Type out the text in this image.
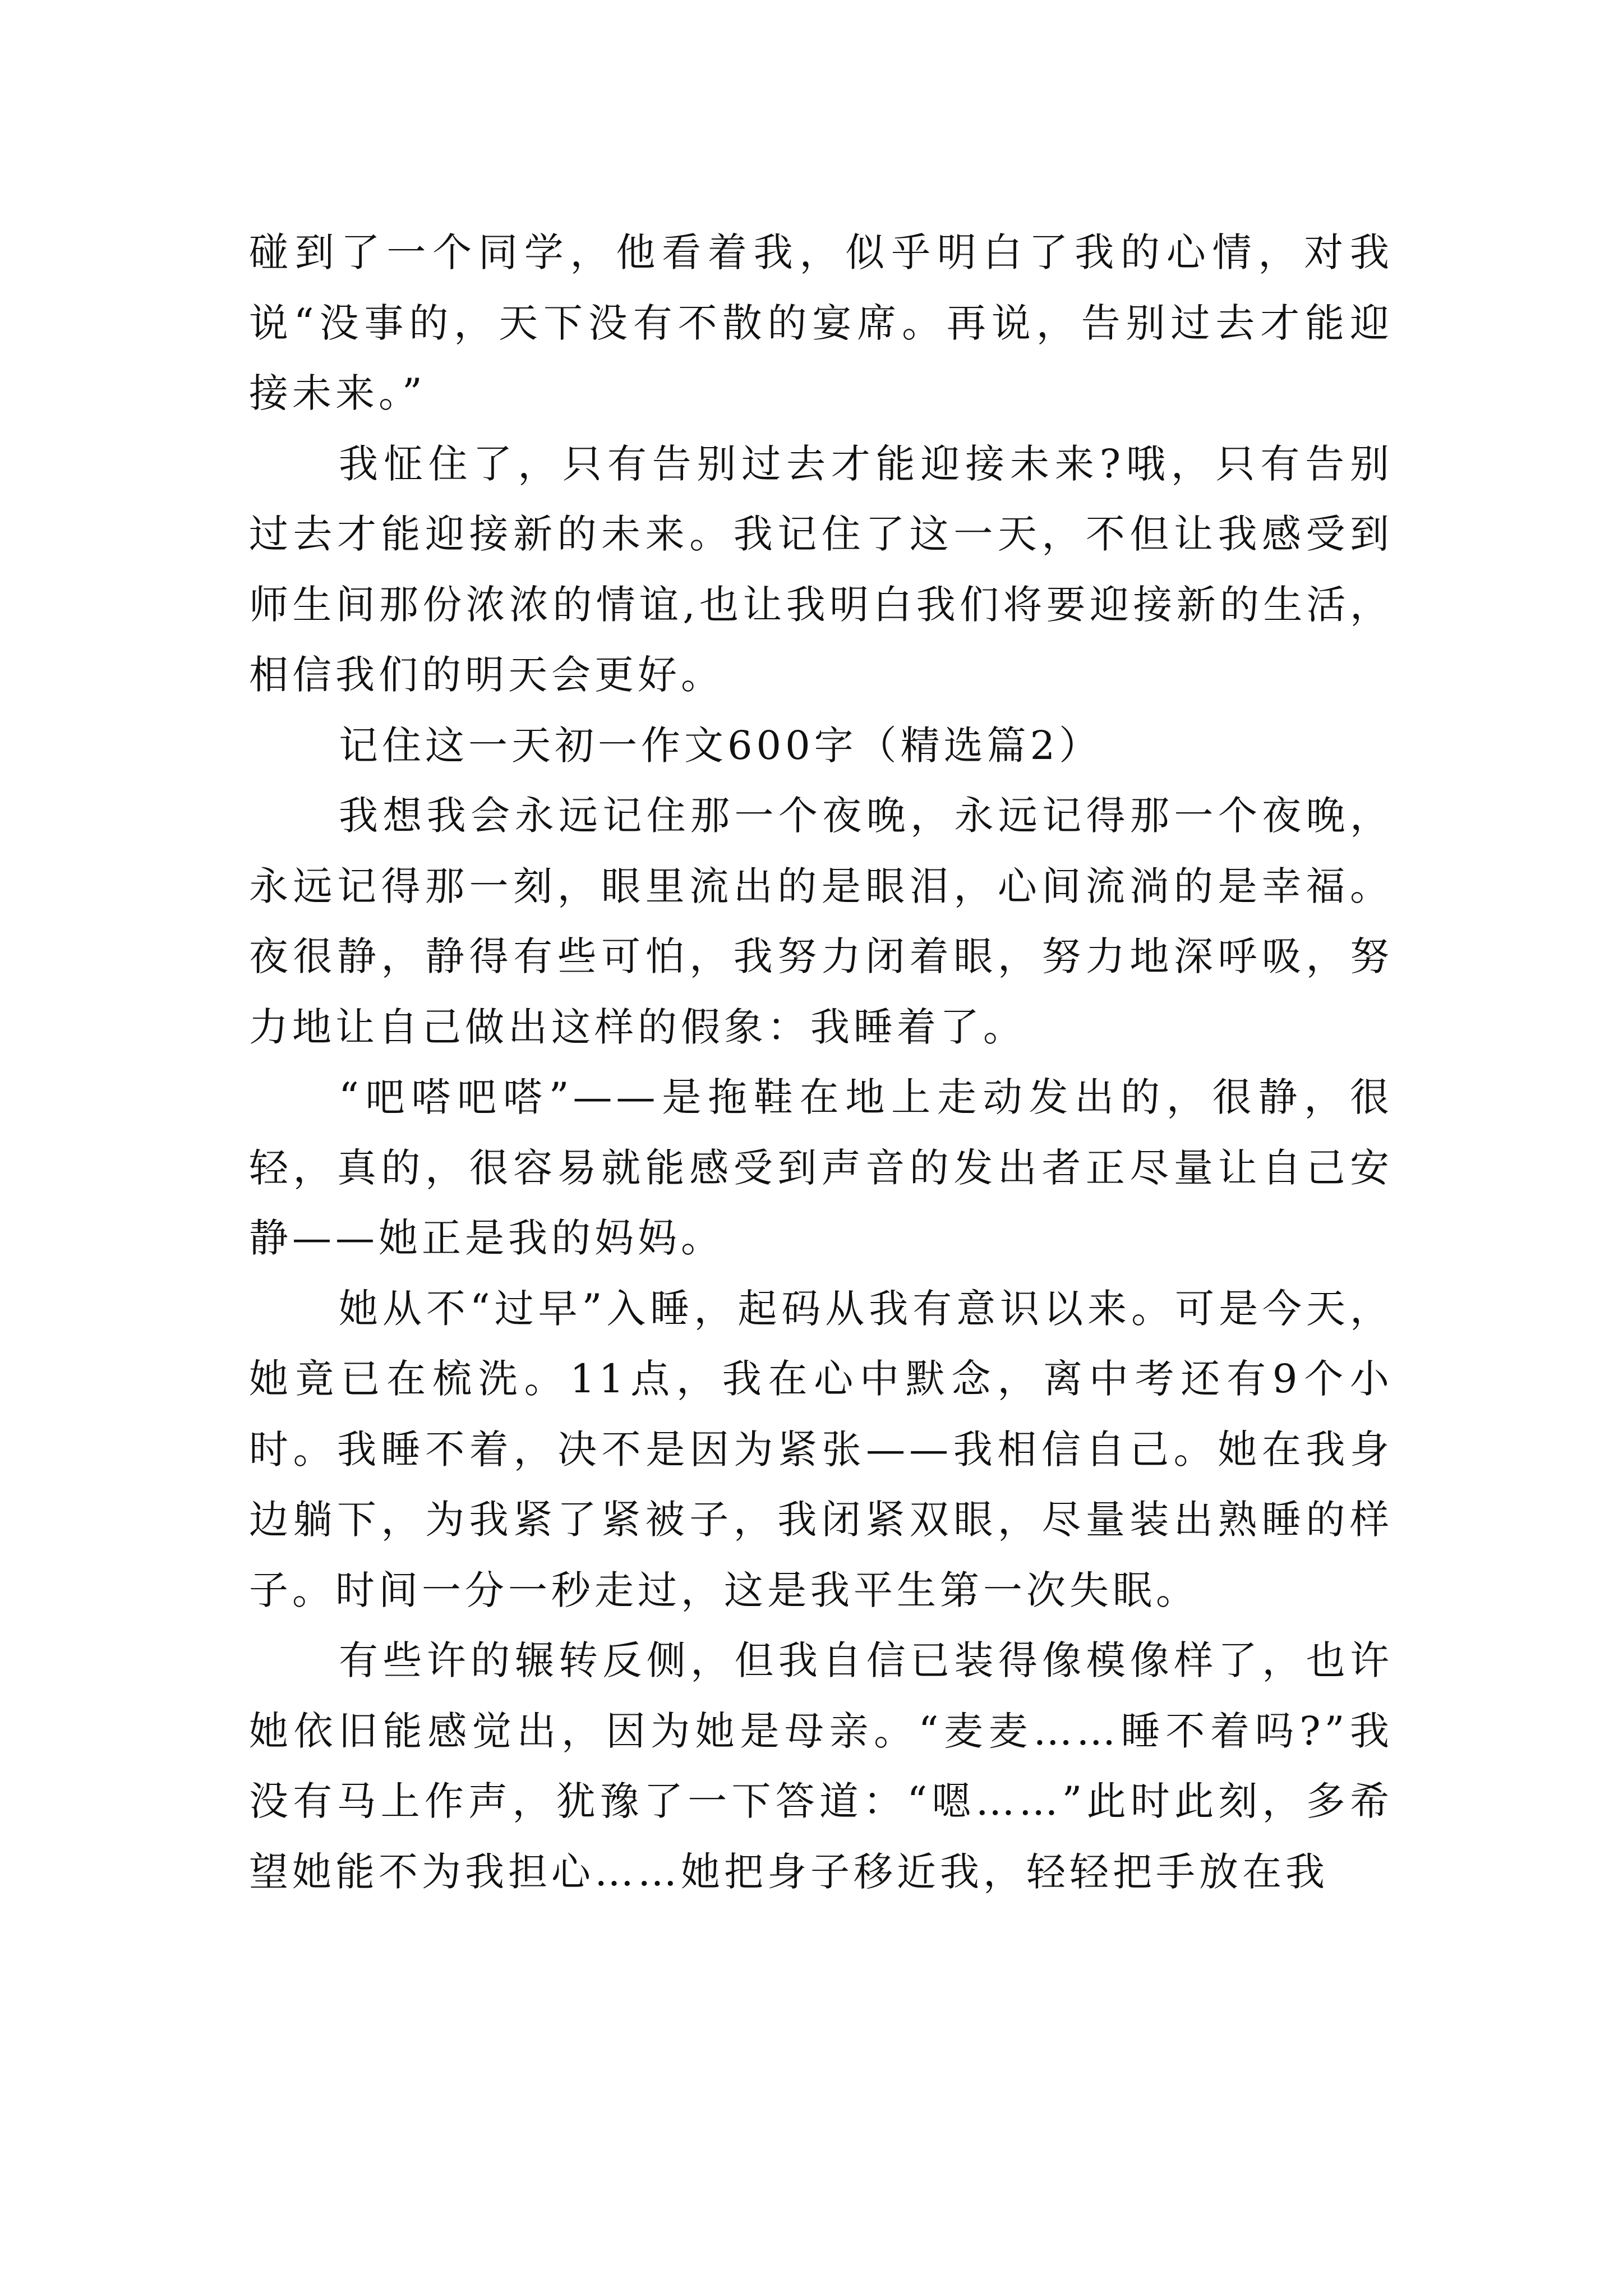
碰到了一个同学，他看着我，似乎明白了我的心情，对我说“没事的，天下没有不散的宴席。再说，告别过去才能迎接未来。”

我怔住了，只有告别过去才能迎接未来?哦，只有告别过去才能迎接新的未来。我记住了这一天，不但让我感受到师生间那份浓浓的情谊,也让我明白我们将要迎接新的生活，相信我们的明天会更好。

记住这一天初一作文600字（精选篇2）

我想我会永远记住那一个夜晚，永远记得那一个夜晚，永远记得那一刻，眼里流出的是眼泪，心间流淌的是幸福。夜很静，静得有些可怕，我努力闭着眼，努力地深呼吸，努力地让自己做出这样的假象：我睡着了。

“吧嗒吧嗒”——是拖鞋在地上走动发出的，很静，很轻，真的，很容易就能感受到声音的发出者正尽量让自己安静——她正是我的妈妈。

她从不“过早”入睡，起码从我有意识以来。可是今天，她竟已在梳洗。11点，我在心中默念，离中考还有9个小时。我睡不着，决不是因为紧张——我相信自己。她在我身边躺下，为我紧了紧被子，我闭紧双眼，尽量装出熟睡的样子。时间一分一秒走过，这是我平生第一次失眠。

有些许的辗转反侧，但我自信已装得像模像样了，也许她依旧能感觉出，因为她是母亲。“麦麦……睡不着吗?”我没有马上作声，犹豫了一下答道：“嗯……”此时此刻，多希望她能不为我担心……她把身子移近我，轻轻把手放在我
